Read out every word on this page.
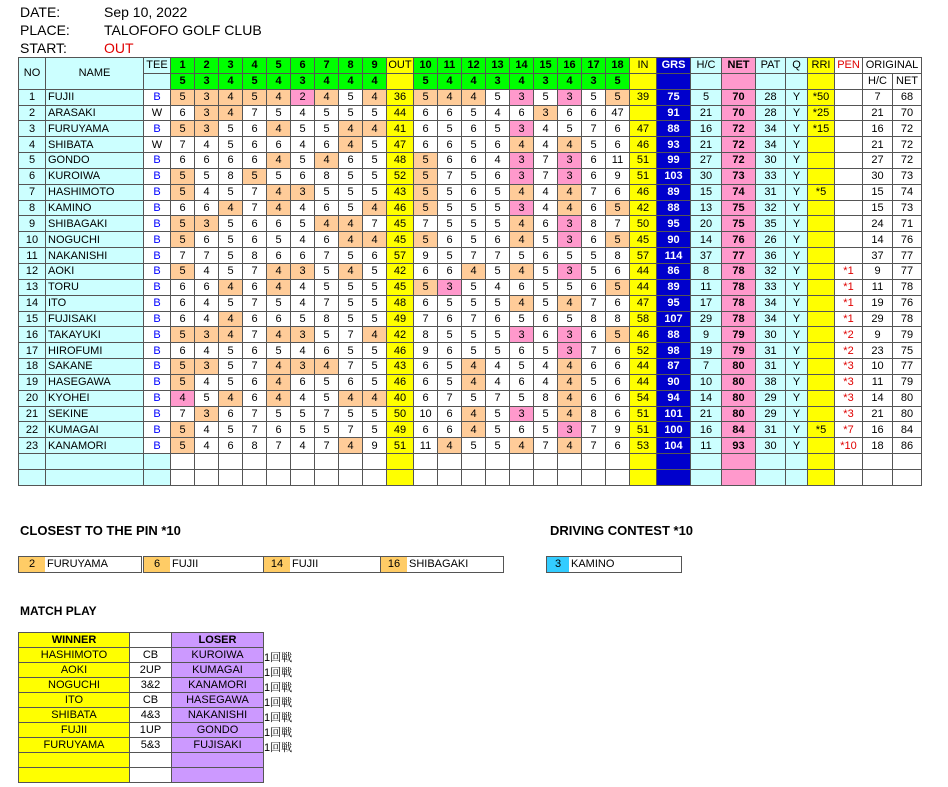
DATE:	Sep 10, 2022
PLACE: TALOFOFO GOLF CLUB
START:	OUT
NO	NAME	TEE	1	2	3	4	5	6	7	8	9	OUT	10	11	12	13	14	15	16	17	18	IN	GRS	H/C	NET	PAT	Q	RRI	PEN	ORIGINAL	
			5	3	4	5	4	3	4	4	4		5	4	4	3	4	3	4	3	5									H/C	NET
1	FUJII	B	5	3	4	5	4	2	4	5	4	36	5	4	4	5	3	5	3	5	5	39	75	5	70	28	Y	*50		7	68
2	ARASAKI	W	6	3	4	7	5	4	5	5	5	44	6	6	5	4	6	3	6	6	47		91	21	70	28	Y	*25		21	70
3	FURUYAMA	B	5	3	5	6	4	5	5	4	4	41	6	5	6	5	3	4	5	7	6	47	88	16	72	34	Y	*15		16	72
4	SHIBATA	W	7	4	5	6	6	4	6	4	5	47	6	6	5	6	4	4	4	5	6	46	93	21	72	34	Y			21	72
5	GONDO	B	6	6	6	6	4	5	4	6	5	48	5	6	6	4	3	7	3	6	11	51	99	27	72	30	Y			27	72
6	KUROIWA	B	5	5	8	5	5	6	8	5	5	52	5	7	5	6	3	7	3	6	9	51	103	30	73	33	Y			30	73
7	HASHIMOTO	B	5	4	5	7	4	3	5	5	5	43	5	5	6	5	4	4	4	7	6	46	89	15	74	31	Y	*5		15	74
8	KAMINO	B	6	6	4	7	4	4	6	5	4	46	5	5	5	5	3	4	4	6	5	42	88	13	75	32	Y			15	73
9	SHIBAGAKI	B	5	3	5	6	6	5	4	4	7	45	7	5	5	5	4	6	3	8	7	50	95	20	75	35	Y			24	71
10	NOGUCHI	B	5	6	5	6	5	4	6	4	4	45	5	6	5	6	4	5	3	6	5	45	90	14	76	26	Y			14	76
11	NAKANISHI	B	7	7	5	8	6	6	7	5	6	57	9	5	7	7	5	6	5	5	8	57	114	37	77	36	Y			37	77
12	AOKI	B	5	4	5	7	4	3	5	4	5	42	6	6	4	5	4	5	3	5	6	44	86	8	78	32	Y		*1	9	77
13	TORU	B	6	6	4	6	4	4	5	5	5	45	5	3	5	4	6	5	5	6	5	44	89	11	78	33	Y		*1	11	78
14	ITO	B	6	4	5	7	5	4	7	5	5	48	6	5	5	5	4	5	4	7	6	47	95	17	78	34	Y		*1	19	76
15	FUJISAKI	B	6	4	4	6	6	5	8	5	5	49	7	6	7	6	5	6	5	8	8	58	107	29	78	34	Y		*1	29	78
16	TAKAYUKI	B	5	3	4	7	4	3	5	7	4	42	8	5	5	5	3	6	3	6	5	46	88	9	79	30	Y		*2	9	79
17	HIROFUMI	B	6	4	5	6	5	4	6	5	5	46	9	6	5	5	6	5	3	7	6	52	98	19	79	31	Y		*2	23	75
18	SAKANE	B	5	3	5	7	4	3	4	7	5	43	6	5	4	4	5	4	4	6	6	44	87	7	80	31	Y		*3	10	77
19	HASEGAWA	B	5	4	5	6	4	6	5	6	5	46	6	5	4	4	6	4	4	5	6	44	90	10	80	38	Y		*3	11	79
20	KYOHEI	B	4	5	4	6	4	4	5	4	4	40	6	7	5	7	5	8	4	6	6	54	94	14	80	29	Y		*3	14	80
21	SEKINE	B	7	3	6	7	5	5	7	5	5	50	10	6	4	5	3	5	4	8	6	51	101	21	80	29	Y		*3	21	80
22	KUMAGAI	B	5	4	5	7	6	5	5	7	5	49	6	6	4	5	6	5	3	7	9	51	100	16	84	31	Y	*5	*7	16	84
23	KANAMORI	B	5	4	6	8	7	4	7	4	9	51	11	4	5	5	4	7	4	7	6	53	104	11	93	30	Y		*10	18	86

CLOSEST TO THE PIN *10	DRIVING CONTEST *10
2 FURUYAMA	6 FUJII	14 FUJII	16 SHIBAGAKI	3 KAMINO
MATCH PLAY
WINNER		LOSER
HASHIMOTO	CB	KUROIWA
AOKI	2UP	KUMAGAI
NOGUCHI	3&2	KANAMORI
ITO	CB	HASEGAWA
SHIBATA	4&3	NAKANISHI
FUJII	1UP	GONDO
FURUYAMA	5&3	FUJISAKI

1回戦
1回戦
1回戦
1回戦
1回戦
1回戦
1回戦
